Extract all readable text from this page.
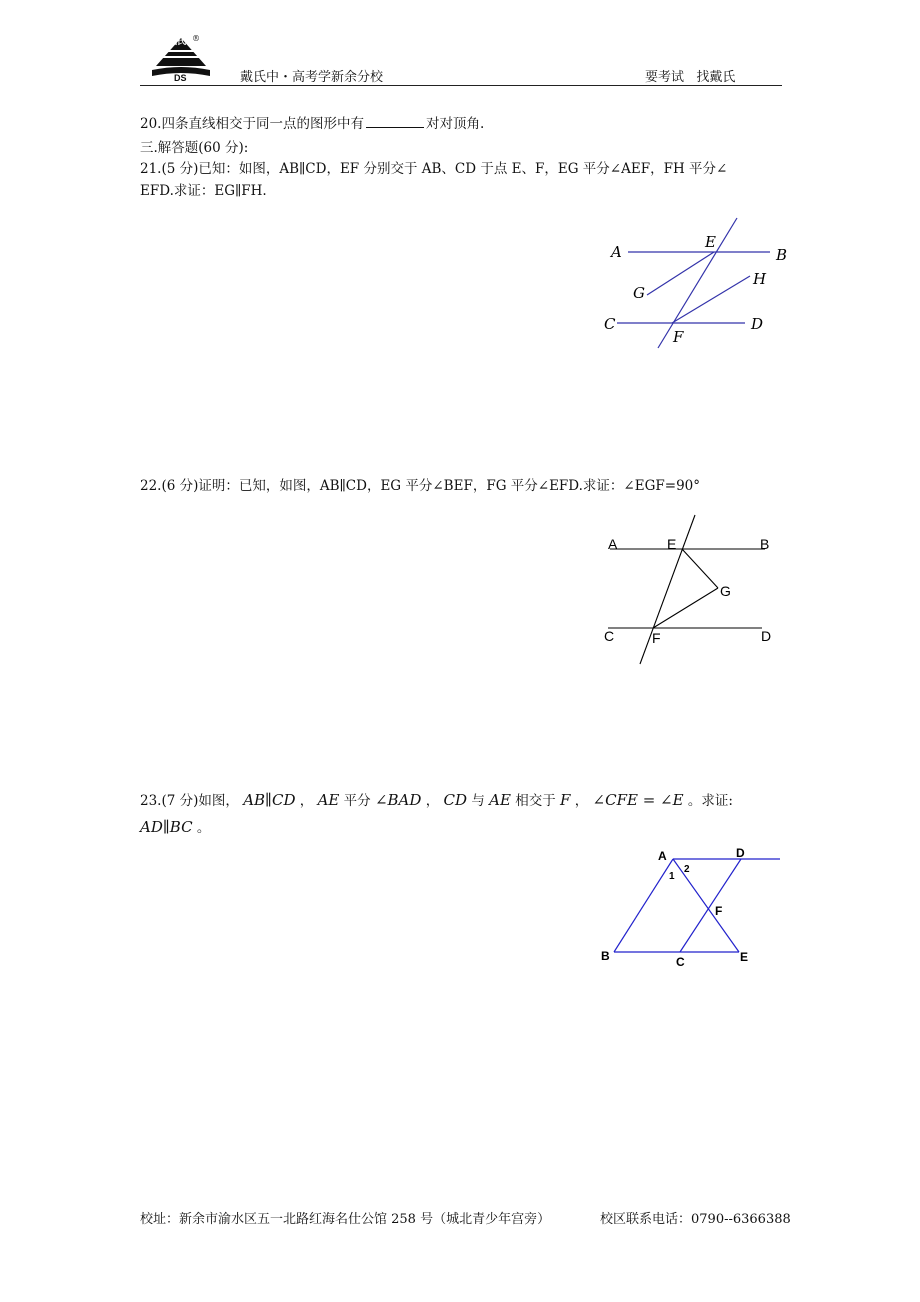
戴氏
DS
®
戴氏中・高考学新余分校	要考试   找戴氏
20.四条直线相交于同一点的图形中有	对对顶角.
三.解答题(60 分):
21.(5 分)已知：如图，AB∥CD，EF 分别交于 AB、CD 于点 E、F，EG 平分∠AEF，FH 平分∠
EFD.求证：EG∥FH.
A	B
C	D
E
F
G
H
22.(6 分)证明：已知，如图，AB∥CD，EG 平分∠BEF，FG 平分∠EFD.求证：∠EGF=90°
A	B
C	D
E
F
G
23.(7 分)如图， AB∥CD ， AE 平分 ∠BAD ， CD 与 AE 相交于 F ， ∠CFE = ∠E 。求证:
AD∥BC 。
A	D
B	C	E
F
1
2
校址：新余市渝水区五一北路红海名仕公馆 258 号（城北青少年宫旁）	校区联系电话：0790--6366388
